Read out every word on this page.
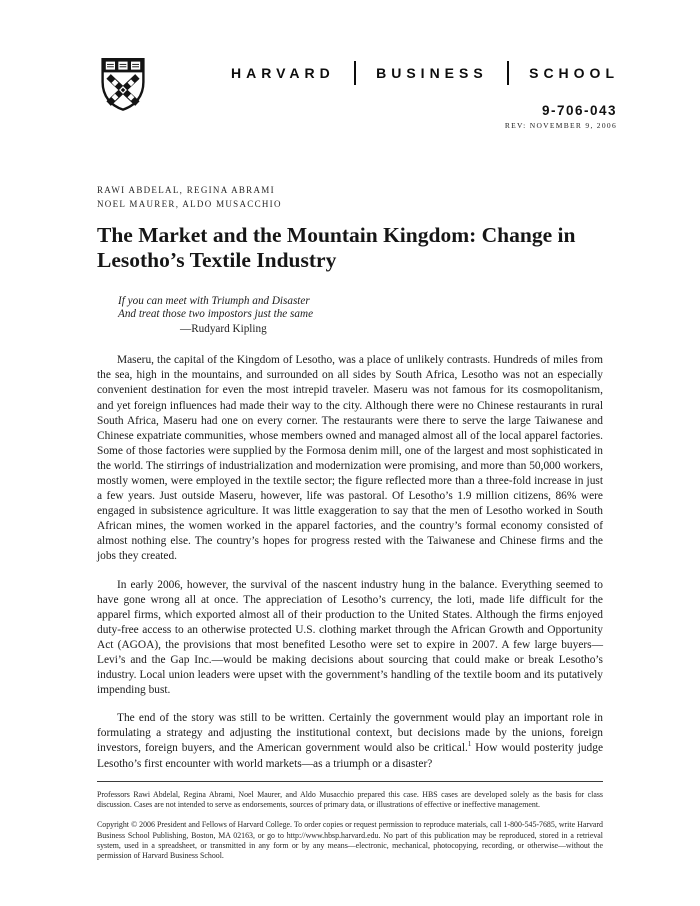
HARVARD	BUSINESS	SCHOOL
9-706-043
REV: NOVEMBER 9, 2006
RAWI ABDELAL, REGINA ABRAMI
NOEL MAURER, ALDO MUSACCHIO
The Market and the Mountain Kingdom: Change in
Lesotho’s Textile Industry
If you can meet with Triumph and Disaster
And treat those two impostors just the same
—Rudyard Kipling

Maseru, the capital of the Kingdom of Lesotho, was a place of unlikely contrasts. Hundreds of miles from the sea, high in the mountains, and surrounded on all sides by South Africa, Lesotho was not an especially convenient destination for even the most intrepid traveler. Maseru was not famous for its cosmopolitanism, and yet foreign influences had made their way to the city. Although there were no Chinese restaurants in rural South Africa, Maseru had one on every corner. The restaurants were there to serve the large Taiwanese and Chinese expatriate communities, whose members owned and managed almost all of the local apparel factories. Some of those factories were supplied by the Formosa denim mill, one of the largest and most sophisticated in the world. The stirrings of industrialization and modernization were promising, and more than 50,000 workers, mostly women, were employed in the textile sector; the figure reflected more than a three-fold increase in just a few years. Just outside Maseru, however, life was pastoral. Of Lesotho’s 1.9 million citizens, 86% were engaged in subsistence agriculture. It was little exaggeration to say that the men of Lesotho worked in South African mines, the women worked in the apparel factories, and the country’s formal economy consisted of almost nothing else. The country’s hopes for progress rested with the Taiwanese and Chinese firms and the jobs they created.

In early 2006, however, the survival of the nascent industry hung in the balance. Everything seemed to have gone wrong all at once. The appreciation of Lesotho’s currency, the loti, made life difficult for the apparel firms, which exported almost all of their production to the United States. Although the firms enjoyed duty-free access to an otherwise protected U.S. clothing market through the African Growth and Opportunity Act (AGOA), the provisions that most benefited Lesotho were set to expire in 2007. A few large buyers—Levi’s and the Gap Inc.—would be making decisions about sourcing that could make or break Lesotho’s industry. Local union leaders were upset with the government’s handling of the textile boom and its putatively impending bust.

The end of the story was still to be written. Certainly the government would play an important role in formulating a strategy and adjusting the institutional context, but decisions made by the unions, foreign investors, foreign buyers, and the American government would also be critical.$^1$ How would posterity judge Lesotho’s first encounter with world markets—as a triumph or a disaster?

Professors Rawi Abdelal, Regina Abrami, Noel Maurer, and Aldo Musacchio prepared this case. HBS cases are developed solely as the basis for class discussion. Cases are not intended to serve as endorsements, sources of primary data, or illustrations of effective or ineffective management.

Copyright © 2006 President and Fellows of Harvard College. To order copies or request permission to reproduce materials, call 1-800-545-7685, write Harvard Business School Publishing, Boston, MA 02163, or go to http://www.hbsp.harvard.edu. No part of this publication may be reproduced, stored in a retrieval system, used in a spreadsheet, or transmitted in any form or by any means—electronic, mechanical, photocopying, recording, or otherwise—without the permission of Harvard Business School.
